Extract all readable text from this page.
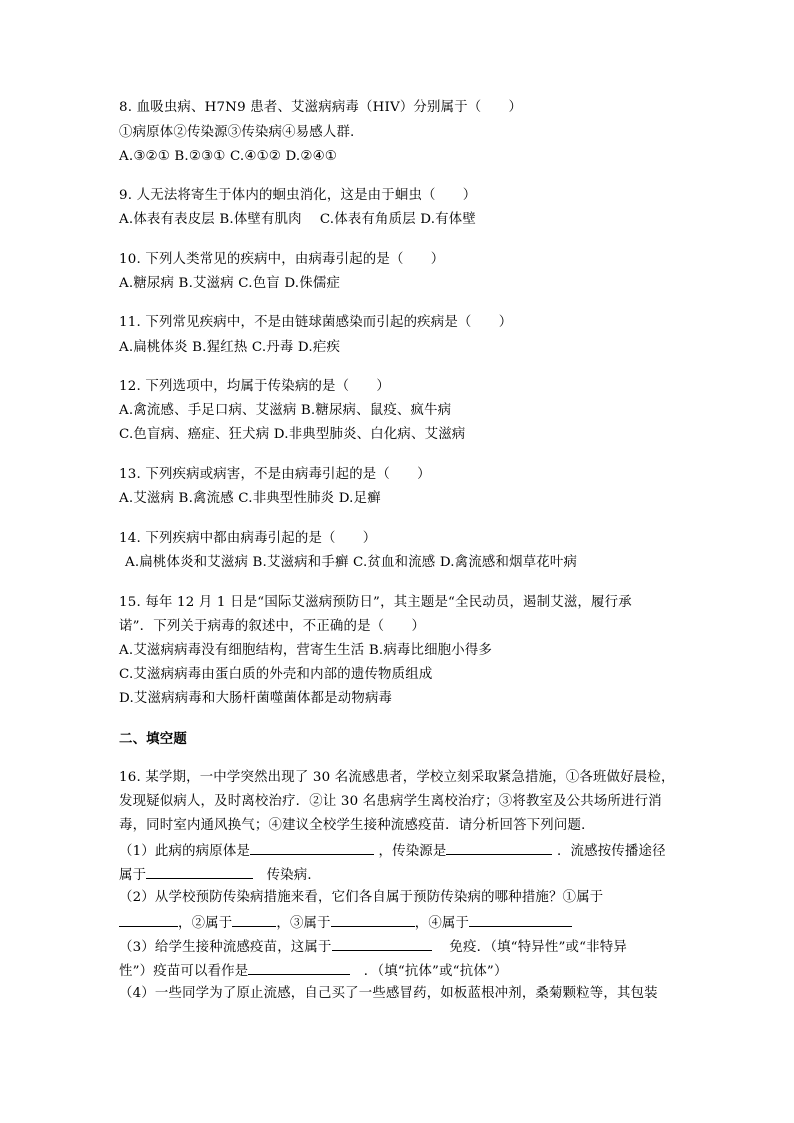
8. 血吸虫病、H7N9 患者、艾滋病病毒（HIV）分别属于（　　）
①病原体②传染源③传染病④易感人群.
A.③②① B.②③① C.④①② D.②④①
9. 人无法将寄生于体内的蛔虫消化，这是由于蛔虫（　　）
A.体表有表皮层 B.体壁有肌肉　 C.体表有角质层 D.有体壁
10. 下列人类常见的疾病中，由病毒引起的是（　　）
A.糖尿病 B.艾滋病 C.色盲 D.侏儒症
11. 下列常见疾病中，不是由链球菌感染而引起的疾病是（　　）
A.扁桃体炎 B.猩红热 C.丹毒 D.疟疾
12. 下列选项中，均属于传染病的是（　　）
A.禽流感、手足口病、艾滋病 B.糖尿病、鼠疫、疯牛病
C.色盲病、癌症、狂犬病 D.非典型肺炎、白化病、艾滋病
13. 下列疾病或病害，不是由病毒引起的是（　　）
A.艾滋病 B.禽流感 C.非典型性肺炎 D.足癣
14. 下列疾病中都由病毒引起的是（　　）
A.扁桃体炎和艾滋病 B.艾滋病和手癣 C.贫血和流感 D.禽流感和烟草花叶病
15. 每年 12 月 1 日是“国际艾滋病预防日”，其主题是“全民动员，遏制艾滋，履行承
诺”．下列关于病毒的叙述中，不正确的是（　　）
A.艾滋病病毒没有细胞结构，营寄生生活 B.病毒比细胞小得多
C.艾滋病病毒由蛋白质的外壳和内部的遗传物质组成
D.艾滋病病毒和大肠杆菌噬菌体都是动物病毒
二、填空题
16. 某学期，一中学突然出现了 30 名流感患者，学校立刻采取紧急措施，①各班做好晨检，
发现疑似病人，及时离校治疗．②让 30 名患病学生离校治疗；③将教室及公共场所进行消
毒，同时室内通风换气；④建议全校学生接种流感疫苗．请分析回答下列问题．
（1）此病的病原体是	，传染源是	．流感按传播途径
属于	传染病．
（2）从学校预防传染病措施来看，它们各自属于预防传染病的哪种措施？①属于
，②属于	，③属于	，④属于
（3）给学生接种流感疫苗，这属于	免疫．（填“特异性”或“非特异
性”）疫苗可以看作是	．（填“抗体”或“抗体”）
（4）一些同学为了原止流感，自己买了一些感冒药，如板蓝根冲剂，桑菊颗粒等，其包装
